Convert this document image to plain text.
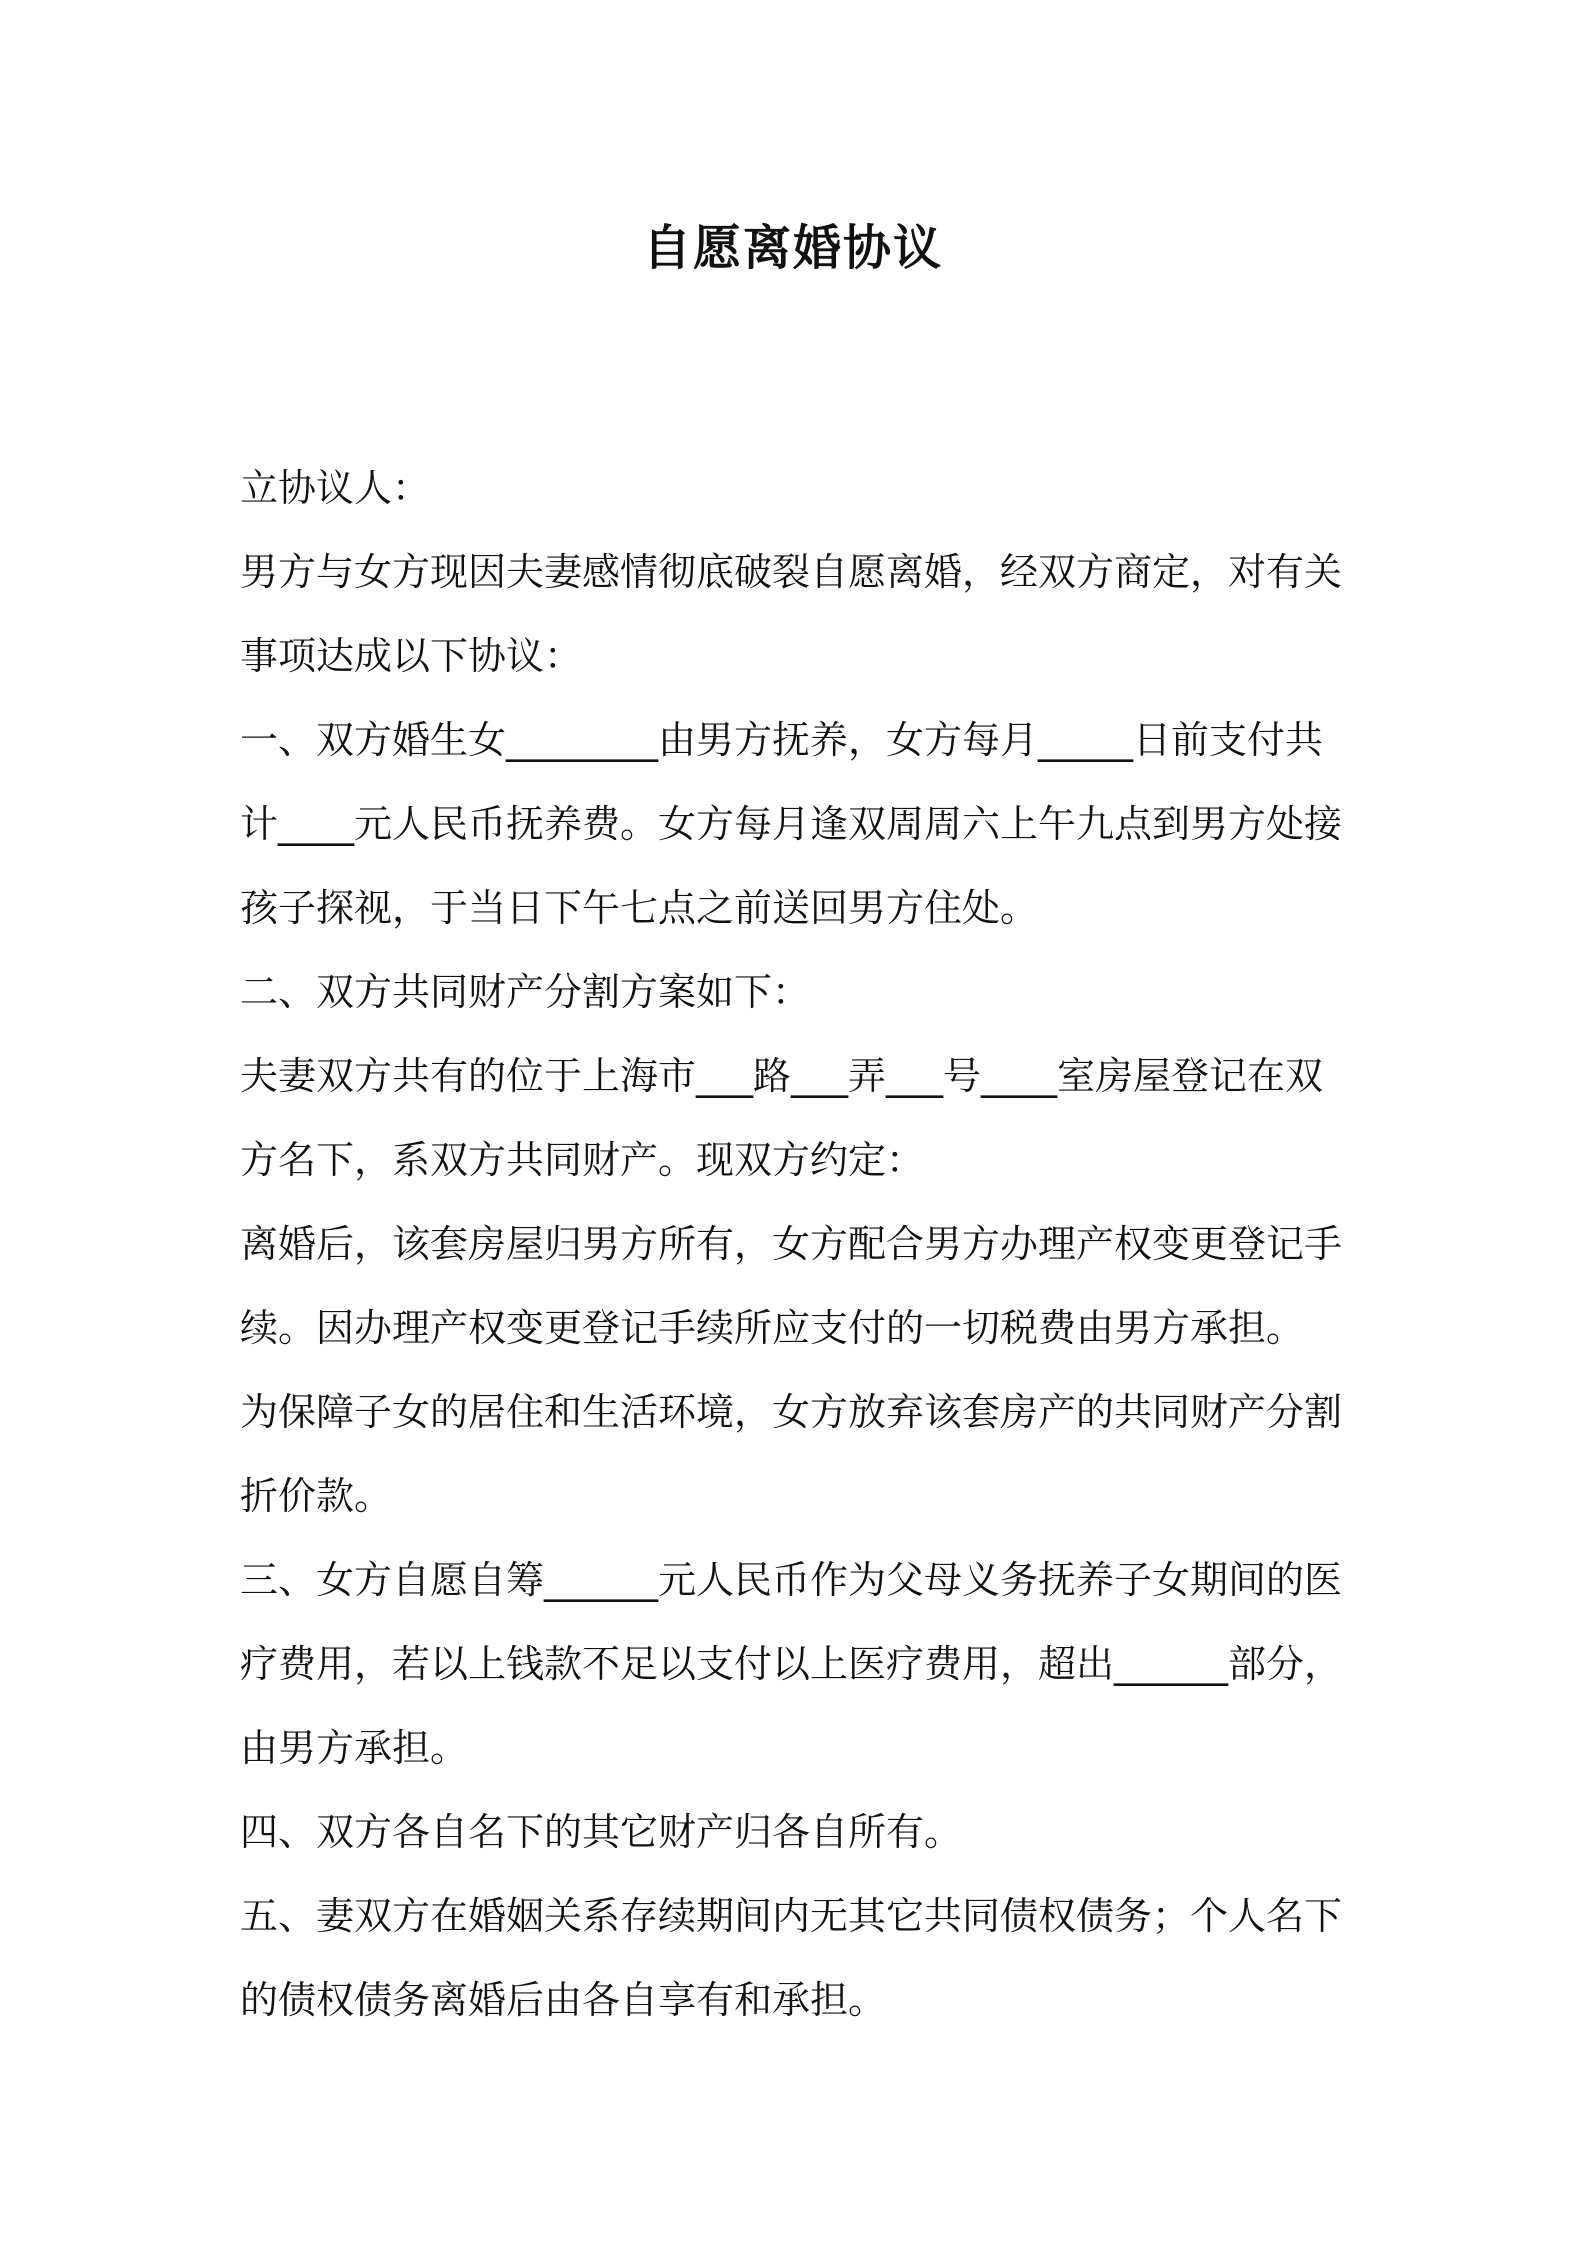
自愿离婚协议

立协议人：

男方与女方现因夫妻感情彻底破裂自愿离婚，经双方商定，对有关事项达成以下协议：

一、双方婚生女________由男方抚养，女方每月_____日前支付共计____元人民币抚养费。女方每月逢双周周六上午九点到男方处接孩子探视，于当日下午七点之前送回男方住处。

二、双方共同财产分割方案如下：

夫妻双方共有的位于上海市___路___弄___号____室房屋登记在双方名下，系双方共同财产。现双方约定：

离婚后，该套房屋归男方所有，女方配合男方办理产权变更登记手续。因办理产权变更登记手续所应支付的一切税费由男方承担。

为保障子女的居住和生活环境，女方放弃该套房产的共同财产分割折价款。

三、女方自愿自筹______元人民币作为父母义务抚养子女期间的医疗费用，若以上钱款不足以支付以上医疗费用，超出______部分，由男方承担。

四、双方各自名下的其它财产归各自所有。

五、妻双方在婚姻关系存续期间内无其它共同债权债务；个人名下的债权债务离婚后由各自享有和承担。
